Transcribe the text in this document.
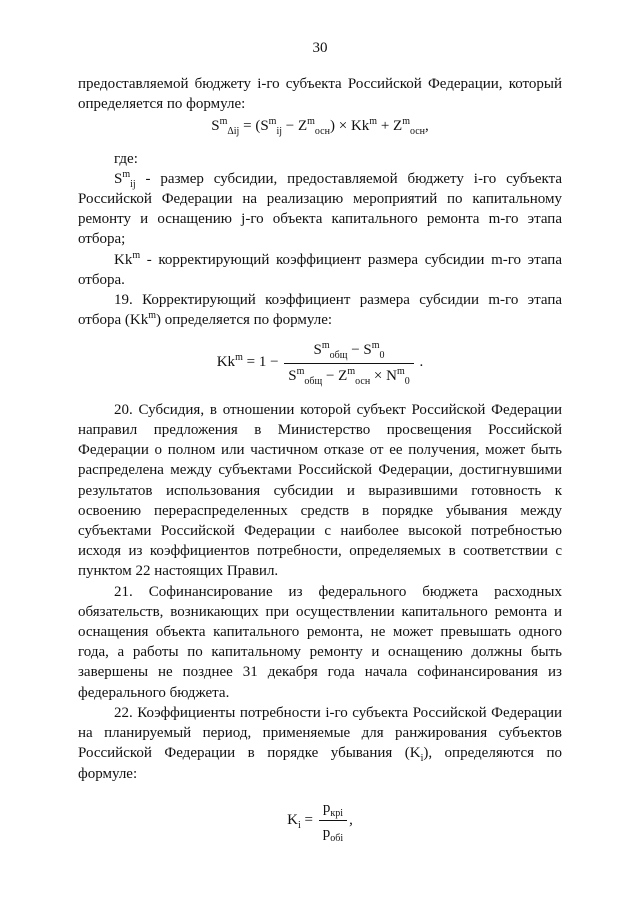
30

предоставляемой бюджету i-го субъекта Российской Федерации, который определяется по формуле:

$S^m_{\Delta ij} = (S^m_{ij} - Z^m_{осн}) \times Kk^m + Z^m_{осн}$,

где:

$S^m_{ij}$ - размер субсидии, предоставляемой бюджету i-го субъекта Российской Федерации на реализацию мероприятий по капитальному ремонту и оснащению j-го объекта капитального ремонта m-го этапа отбора;

Kk$^m$ - корректирующий коэффициент размера субсидии m-го этапа отбора.

19. Корректирующий коэффициент размера субсидии m-го этапа отбора (Kk$^m$) определяется по формуле:

$Kk^m = 1 - \frac{S^m_{общ} - S^m_0}{S^m_{общ} - Z^m_{осн} \times N^m_0}$ .

20. Субсидия, в отношении которой субъект Российской Федерации направил предложения в Министерство просвещения Российской Федерации о полном или частичном отказе от ее получения, может быть распределена между субъектами Российской Федерации, достигнувшими результатов использования субсидии и выразившими готовность к освоению перераспределенных средств в порядке убывания между субъектами Российской Федерации с наиболее высокой потребностью исходя из коэффициентов потребности, определяемых в соответствии с пунктом 22 настоящих Правил.

21. Софинансирование из федерального бюджета расходных обязательств, возникающих при осуществлении капитального ремонта и оснащения объекта капитального ремонта, не может превышать одного года, а работы по капитальному ремонту и оснащению должны быть завершены не позднее 31 декабря года начала софинансирования из федерального бюджета.

22. Коэффициенты потребности i-го субъекта Российской Федерации на планируемый период, применяемые для ранжирования субъектов Российской Федерации в порядке убывания $(K_i)$, определяются по формуле:

$K_i = \frac{p_{крi}}{p_{обi}}$ ,
